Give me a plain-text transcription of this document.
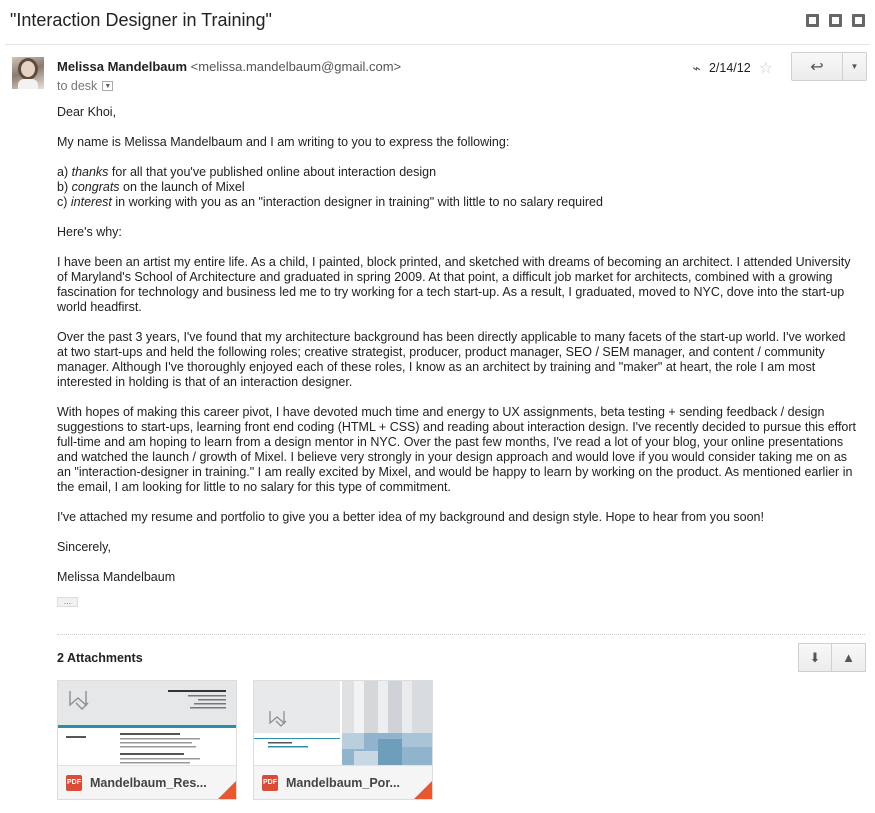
"Interaction Designer in Training"
Melissa Mandelbaum <melissa.mandelbaum@gmail.com>
to desk ▼
⌁ 2/14/12 ☆ ↩	▼

Dear Khoi,

My name is Melissa Mandelbaum and I am writing to you to express the following:

a) thanks for all that you've published online about interaction design

b) congrats on the launch of Mixel

c) interest in working with you as an "interaction designer in training" with little to no salary required

Here's why:

I have been an artist my entire life. As a child, I painted, block printed, and sketched with dreams of becoming an architect. I attended University of Maryland's School of Architecture and graduated in spring 2009. At that point, a difficult job market for architects, combined with a growing fascination for technology and business led me to try working for a tech start-up. As a result, I graduated, moved to NYC, dove into the start-up world headfirst.

Over the past 3 years, I've found that my architecture background has been directly applicable to many facets of the start-up world. I've worked at two start-ups and held the following roles; creative strategist, producer, product manager, SEO / SEM manager, and content / community manager. Although I've thoroughly enjoyed each of these roles, I know as an architect by training and "maker" at heart, the role I am most interested in holding is that of an interaction designer.

With hopes of making this career pivot, I have devoted much time and energy to UX assignments, beta testing + sending feedback / design suggestions to start-ups, learning front end coding (HTML + CSS) and reading about interaction design. I've recently decided to pursue this effort full-time and am hoping to learn from a design mentor in NYC. Over the past few months, I've read a lot of your blog, your online presentations and watched the launch / growth of Mixel. I believe very strongly in your design approach and would love if you would consider taking me on as an "interaction-designer in training." I am really excited by Mixel, and would be happy to learn by working on the product. As mentioned earlier in the email, I am looking for little to no salary for this type of commitment.

I've attached my resume and portfolio to give you a better idea of my background and design style. Hope to hear from you soon!

Sincerely,

Melissa Mandelbaum

...
2 Attachments	⬇ ▲
PDF Mandelbaum_Res...	PDF Mandelbaum_Por...
